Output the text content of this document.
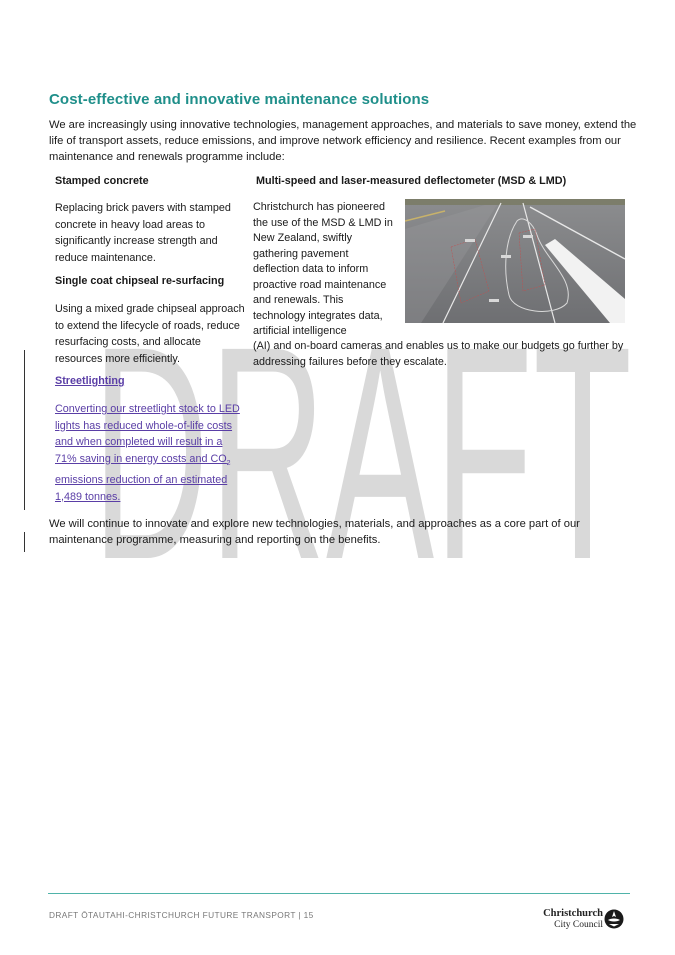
DRAFT
Cost-effective and innovative maintenance solutions

We are increasingly using innovative technologies, management approaches, and materials to save money, extend the life of transport assets, reduce emissions, and improve network efficiency and resilience. Recent examples from our maintenance and renewals programme include:

Stamped concrete

Replacing brick pavers with stamped concrete in heavy load areas to significantly increase strength and reduce maintenance.

Single coat chipseal re-surfacing

Using a mixed grade chipseal approach to extend the lifecycle of roads, reduce resurfacing costs, and allocate resources more efficiently.

Streetlighting

Converting our streetlight stock to LED lights has reduced whole-of-life costs and when completed will result in a 71% saving in energy costs and $CO_2$ emissions reduction of an estimated 1,489 tonnes.

Multi-speed and laser-measured deflectometer (MSD & LMD)

Christchurch has pioneered the use of the MSD & LMD in New Zealand, swiftly gathering pavement deflection data to inform proactive road maintenance and renewals. This technology integrates data, artificial intelligence

(AI) and on-board cameras and enables us to make our budgets go further by addressing failures before they escalate.

We will continue to innovate and explore new technologies, materials, and approaches as a core part of our maintenance programme, measuring and reporting on the benefits.

DRAFT ŌTAUTAHI-CHRISTCHURCH FUTURE TRANSPORT | 15	Christchurch
City Council
